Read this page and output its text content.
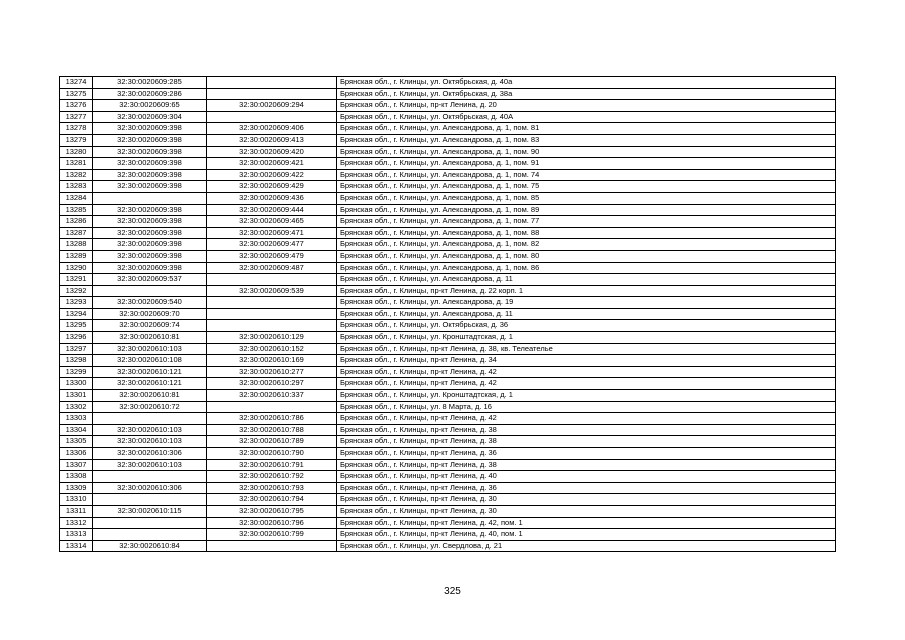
13274	32:30:0020609:285		Брянская обл., г. Клинцы, ул. Октябрьская, д. 40а
13275	32:30:0020609:286		Брянская обл., г. Клинцы, ул. Октябрьская, д. 38а
13276	32:30:0020609:65	32:30:0020609:294	Брянская обл., г. Клинцы, пр-кт Ленина, д. 20
13277	32:30:0020609:304		Брянская обл., г. Клинцы, ул. Октябрьская, д. 40А
13278	32:30:0020609:398	32:30:0020609:406	Брянская обл., г. Клинцы, ул. Александрова, д. 1, пом. 81
13279	32:30:0020609:398	32:30:0020609:413	Брянская обл., г. Клинцы, ул. Александрова, д. 1, пом. 83
13280	32:30:0020609:398	32:30:0020609:420	Брянская обл., г. Клинцы, ул. Александрова, д. 1, пом. 90
13281	32:30:0020609:398	32:30:0020609:421	Брянская обл., г. Клинцы, ул. Александрова, д. 1, пом. 91
13282	32:30:0020609:398	32:30:0020609:422	Брянская обл., г. Клинцы, ул. Александрова, д. 1, пом. 74
13283	32:30:0020609:398	32:30:0020609:429	Брянская обл., г. Клинцы, ул. Александрова, д. 1, пом. 75
13284		32:30:0020609:436	Брянская обл., г. Клинцы, ул. Александрова, д. 1, пом. 85
13285	32:30:0020609:398	32:30:0020609:444	Брянская обл., г. Клинцы, ул. Александрова, д. 1, пом. 89
13286	32:30:0020609:398	32:30:0020609:465	Брянская обл., г. Клинцы, ул. Александрова, д. 1, пом. 77
13287	32:30:0020609:398	32:30:0020609:471	Брянская обл., г. Клинцы, ул. Александрова, д. 1, пом. 88
13288	32:30:0020609:398	32:30:0020609:477	Брянская обл., г. Клинцы, ул. Александрова, д. 1, пом. 82
13289	32:30:0020609:398	32:30:0020609:479	Брянская обл., г. Клинцы, ул. Александрова, д. 1, пом. 80
13290	32:30:0020609:398	32:30:0020609:487	Брянская обл., г. Клинцы, ул. Александрова, д. 1, пом. 86
13291	32:30:0020609:537		Брянская обл., г. Клинцы, ул. Александрова, д. 11
13292		32:30:0020609:539	Брянская обл., г. Клинцы, пр-кт Ленина, д. 22 корп. 1
13293	32:30:0020609:540		Брянская обл., г. Клинцы, ул. Александрова, д. 19
13294	32:30:0020609:70		Брянская обл., г. Клинцы, ул. Александрова, д. 11
13295	32:30:0020609:74		Брянская обл., г. Клинцы, ул. Октябрьская, д. 36
13296	32:30:0020610:81	32:30:0020610:129	Брянская обл., г. Клинцы, ул. Кронштадтская, д. 1
13297	32:30:0020610:103	32:30:0020610:152	Брянская обл., г. Клинцы, пр-кт Ленина, д. 38, кв. Телеателье
13298	32:30:0020610:108	32:30:0020610:169	Брянская обл., г. Клинцы, пр-кт Ленина, д. 34
13299	32:30:0020610:121	32:30:0020610:277	Брянская обл., г. Клинцы, пр-кт Ленина, д. 42
13300	32:30:0020610:121	32:30:0020610:297	Брянская обл., г. Клинцы, пр-кт Ленина, д. 42
13301	32:30:0020610:81	32:30:0020610:337	Брянская обл., г. Клинцы, ул. Кронштадтская, д. 1
13302	32:30:0020610:72		Брянская обл., г. Клинцы, ул. 8 Марта, д. 16
13303		32:30:0020610:786	Брянская обл., г. Клинцы, пр-кт Ленина, д. 42
13304	32:30:0020610:103	32:30:0020610:788	Брянская обл., г. Клинцы, пр-кт Ленина, д. 38
13305	32:30:0020610:103	32:30:0020610:789	Брянская обл., г. Клинцы, пр-кт Ленина, д. 38
13306	32:30:0020610:306	32:30:0020610:790	Брянская обл., г. Клинцы, пр-кт Ленина, д. 36
13307	32:30:0020610:103	32:30:0020610:791	Брянская обл., г. Клинцы, пр-кт Ленина, д. 38
13308		32:30:0020610:792	Брянская обл., г. Клинцы, пр-кт Ленина, д. 40
13309	32:30:0020610:306	32:30:0020610:793	Брянская обл., г. Клинцы, пр-кт Ленина, д. 36
13310		32:30:0020610:794	Брянская обл., г. Клинцы, пр-кт Ленина, д. 30
13311	32:30:0020610:115	32:30:0020610:795	Брянская обл., г. Клинцы, пр-кт Ленина, д. 30
13312		32:30:0020610:796	Брянская обл., г. Клинцы, пр-кт Ленина, д. 42, пом. 1
13313		32:30:0020610:799	Брянская обл., г. Клинцы, пр-кт Ленина, д. 40, пом. 1
13314	32:30:0020610:84		Брянская обл., г. Клинцы, ул. Свердлова, д. 21
325
